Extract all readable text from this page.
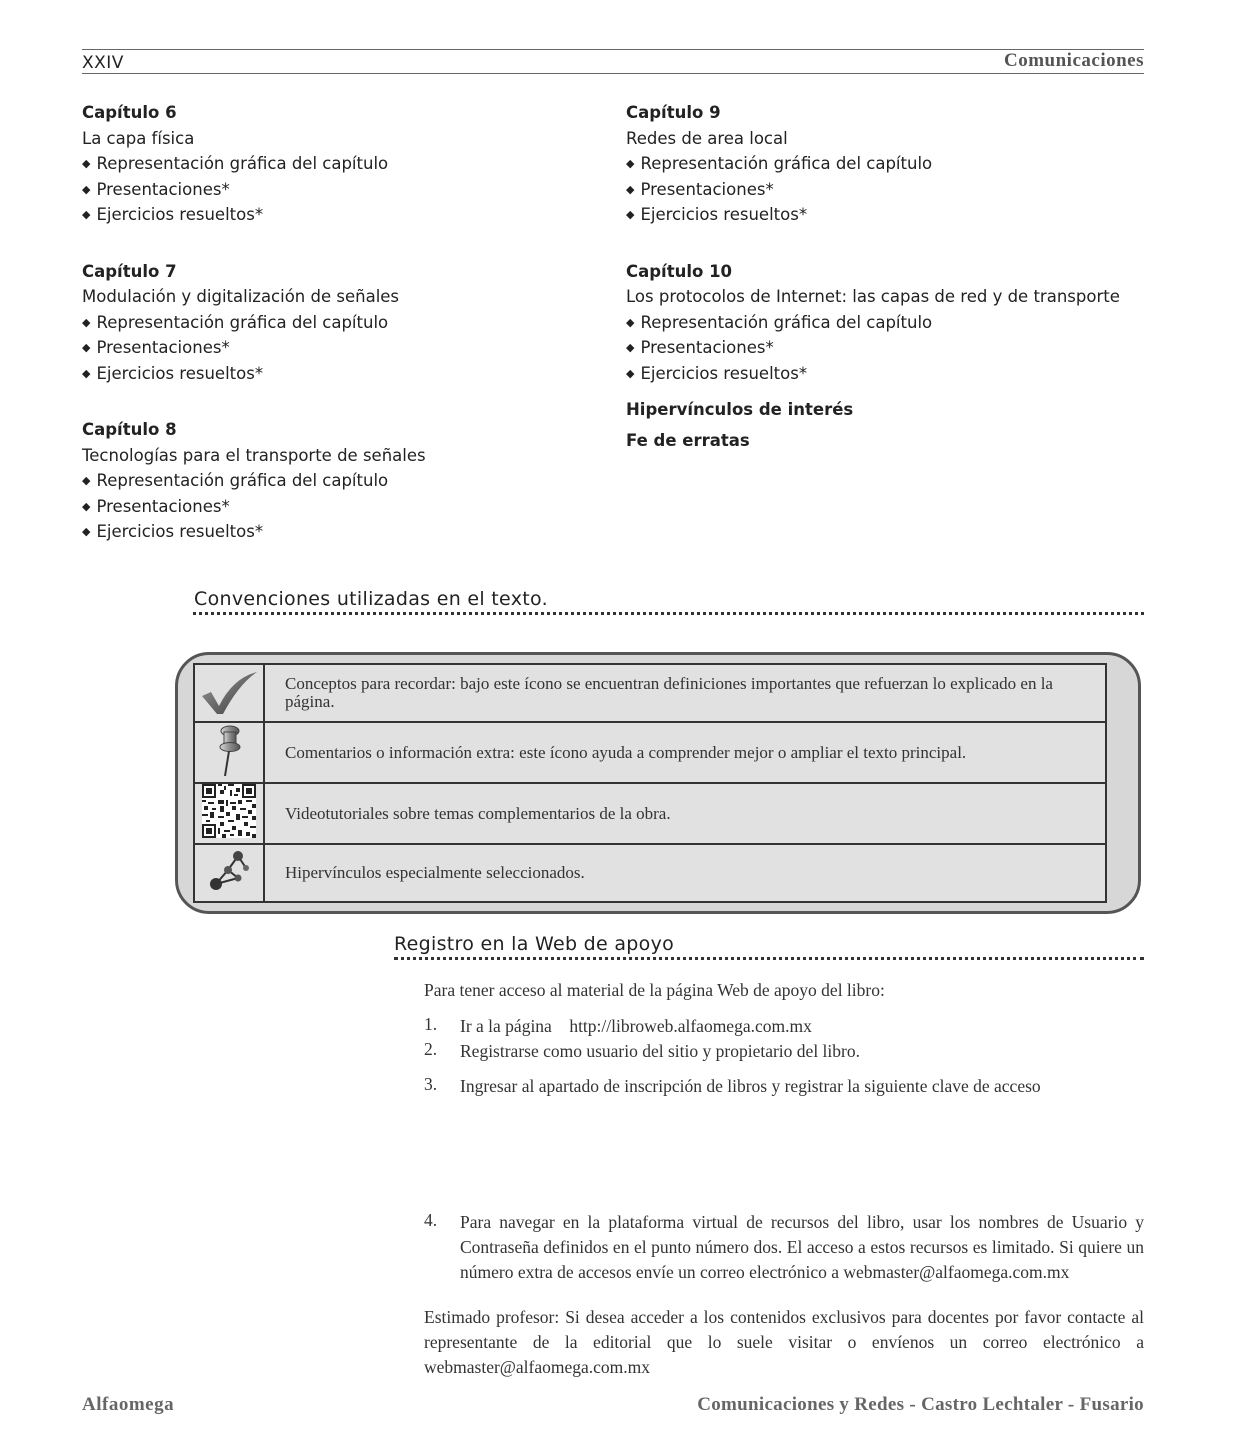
XXIV	Comunicaciones
Capítulo 6
La capa física
◆ Representación gráfica del capítulo
◆ Presentaciones*
◆ Ejercicios resueltos*
Capítulo 7
Modulación y digitalización de señales
◆ Representación gráfica del capítulo
◆ Presentaciones*
◆ Ejercicios resueltos*
Capítulo 8
Tecnologías para el transporte de señales
◆ Representación gráfica del capítulo
◆ Presentaciones*
◆ Ejercicios resueltos*
Capítulo 9
Redes de area local
◆ Representación gráfica del capítulo
◆ Presentaciones*
◆ Ejercicios resueltos*
Capítulo 10
Los protocolos de Internet: las capas de red y de transporte
◆ Representación gráfica del capítulo
◆ Presentaciones*
◆ Ejercicios resueltos*
Hipervínculos de interés
Fe de erratas
Convenciones utilizadas en el texto.
	Conceptos para recordar: bajo este ícono se encuentran definiciones importantes que refuerzan lo explicado en la página.
	Comentarios o información extra: este ícono ayuda a comprender mejor o ampliar el texto principal.
	Videotutoriales sobre temas complementarios de la obra.
	Hipervínculos especialmente seleccionados.
Registro en la Web de apoyo

Para tener acceso al material de la página Web de apoyo del libro:

1. Ir a la página    http://libroweb.alfaomega.com.mx
2. Registrarse como usuario del sitio y propietario del libro.
3. Ingresar al apartado de inscripción de libros y registrar la siguiente clave de acceso
4. Para navegar en la plataforma virtual de recursos del libro, usar los nombres de Usuario y Contraseña definidos en el punto número dos. El acceso a estos recursos es limitado. Si quiere un número extra de accesos envíe un correo electrónico a webmaster@alfaomega.com.mx

Estimado profesor: Si desea acceder a los contenidos exclusivos para docentes por favor contacte al representante de la editorial que lo suele visitar o envíenos un correo electrónico a webmaster@alfaomega.com.mx

Alfaomega	Comunicaciones y Redes - Castro Lechtaler - Fusario
